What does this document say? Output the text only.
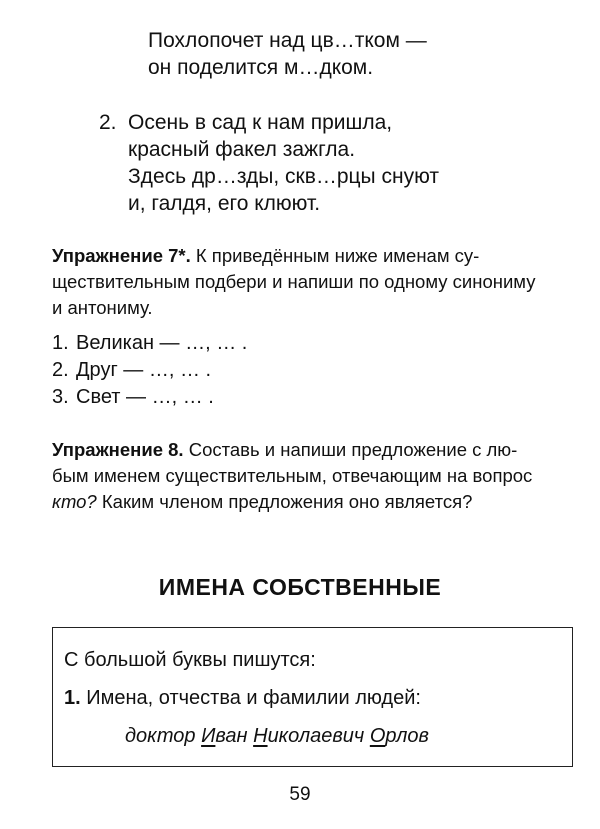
Похлопочет над цв…тком —
он поделится м…дком.
2. Осень в сад к нам пришла,
красный факел зажгла.
Здесь др…зды, скв…рцы снуют
и, галдя, его клюют.
Упражнение 7*. К приведённым ниже именам су-
ществительным подбери и напиши по одному синониму
и антониму.
1. Великан — …, … .
2. Друг — …, … .
3. Свет — …, … .
Упражнение 8. Составь и напиши предложение с лю-
бым именем существительным, отвечающим на вопрос
кто? Каким членом предложения оно является?
ИМЕНА СОБСТВЕННЫЕ
С большой буквы пишутся:
1. Имена, отчества и фамилии людей:
доктор Иван Николаевич Орлов
59
